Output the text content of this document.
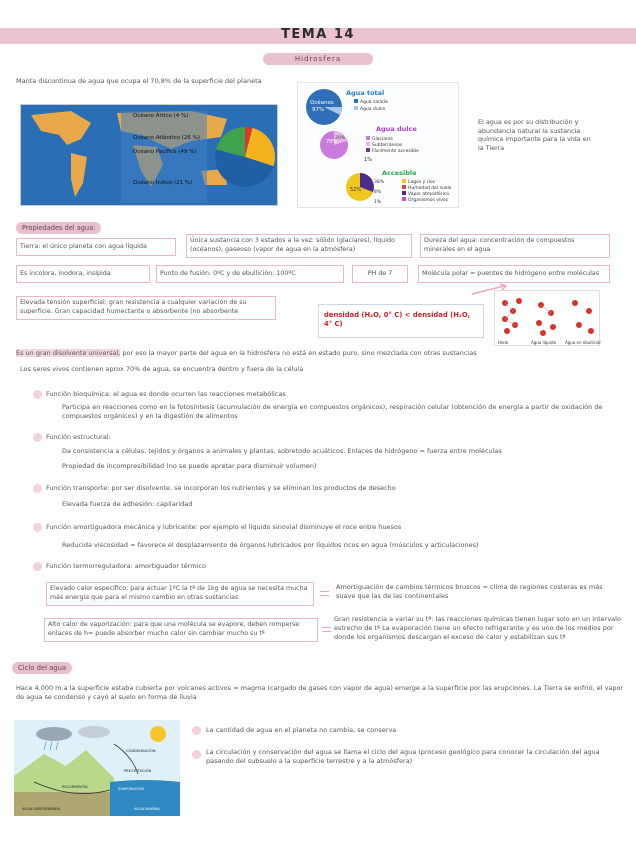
TEMA 14
Hidrosfera
Manta discontinua de agua que ocupa el 70,8% de la superficie del planeta
Océano Ártico (4 %)
Océano Atlántico (26 %)
Océano Pacífico (49 %)
Océano Índico (21 %)
Agua total
Océanos
97%
Agua salada
Agua dulce
Agua dulce
79%
20%
1%
Glaciares
Subterráneas
Fácilmente accesible
Accesible
52%
38%
8%
1%
Lagos y ríos
Humedad del suelo
Vapor atmosférico
Organismos vivos
El agua es por su distribución y abundancia natural la sustancia química importante para la vida en la Tierra
Propiedades del agua:
Tierra: el único planeta con agua líquida
Única sustancia con 3 estados a la vez: sólido (glaciares), líquido (océanos), gaseoso (vapor de agua en la atmósfera)
Dureza del agua: concentración de compuestos minerales en el agua
Es incolora, inodora, insípida	Punto de fusión: 0ºC y de ebullición: 100ºC	PH de 7	Molécula polar = puentes de hidrógeno entre moléculas
Elevada tensión superficial: gran resistencia a cualquier variación de su superficie. Gran capacidad humectante o absorbente (no absorbente	densidad (H₂O, 0° C) < densidad (H₂O, 4° C)
Hielo	Agua líquida Agua en ebullición
Es un gran disolvente universal, por eso la mayor parte del agua en la hidrosfera no está en estado puro, sino mezclada con otras sustancias
Los seres vivos contienen aprox 70% de agua, se encuentra dentro y fuera de la célula
Función bioquímica: el agua es donde ocurren las reacciones metabólicas
Participa en reacciones como en la fotosíntesis (acumulación de energía en compuestos orgánicos), respiración celular (obtención de energía a partir de oxidación de compuestos orgánicos) y en la digestión de alimentos
Función estructural:
Da consistencia a células, tejidos y órganos a animales y plantas, sobretodo acuáticos. Enlaces de hidrógeno = fuerza entre moléculas
Propiedad de incompresibilidad (no se puede apretar para disminuir volumen)
Función transporte: por ser disolvente, se incorporan los nutrientes y se eliminan los productos de desecho
Elevada fuerza de adhesión: capilaridad
Función amortiguadora mecánica y lubricante: por ejemplo el líquido sinovial disminuye el roce entre huesos
Reducida viscosidad = favorece el desplazamiento de órganos lubricados por líquidos ricos en agua (músculos y articulaciones)
Función termorreguladora: amortiguador térmico
Elevado calor específico: para actuar 1ºC la tª de 1kg de agua se necesita mucha más energía que para el mismo cambio en otras sustancias
Amortiguación de cambios térmicos bruscos = clima de regiones costeras es más suave que las de las continentales
Alto calor de vaporización: para que una molécula se evapore, deben romperse enlaces de h= puede absorber mucho calor sin cambiar mucho su tª
Gran resistencia a variar su tª: las reacciones químicas tienen lugar solo en un intervalo estrecho de tª La evaporación tiene un efecto refrigerante y es uno de los medios por donde los organismos descargan el exceso de calor y estabilizan sus tª
Ciclo del agua
Hace 4.000 m.a la superficie estaba cubierta por volcanes activos = magma (cargado de gases con vapor de agua) emerge a la superficie por las erupciones. La Tierra se enfrió, el vapor de agua se condensó y cayó al suelo en forma de lluvia
CONDENSACIÓN
PRECIPITACIÓN
EVAPORACIÓN
ESCORRENTÍA
AGUA SUBTERRÁNEA	AGUA MARINA
La cantidad de agua en el planeta no cambia, se conserva
La circulación y conservación del agua se llama el ciclo del agua (proceso geológico para conocer la circulación del agua pasando del subsuelo a la superficie terrestre y a la atmósfera)
